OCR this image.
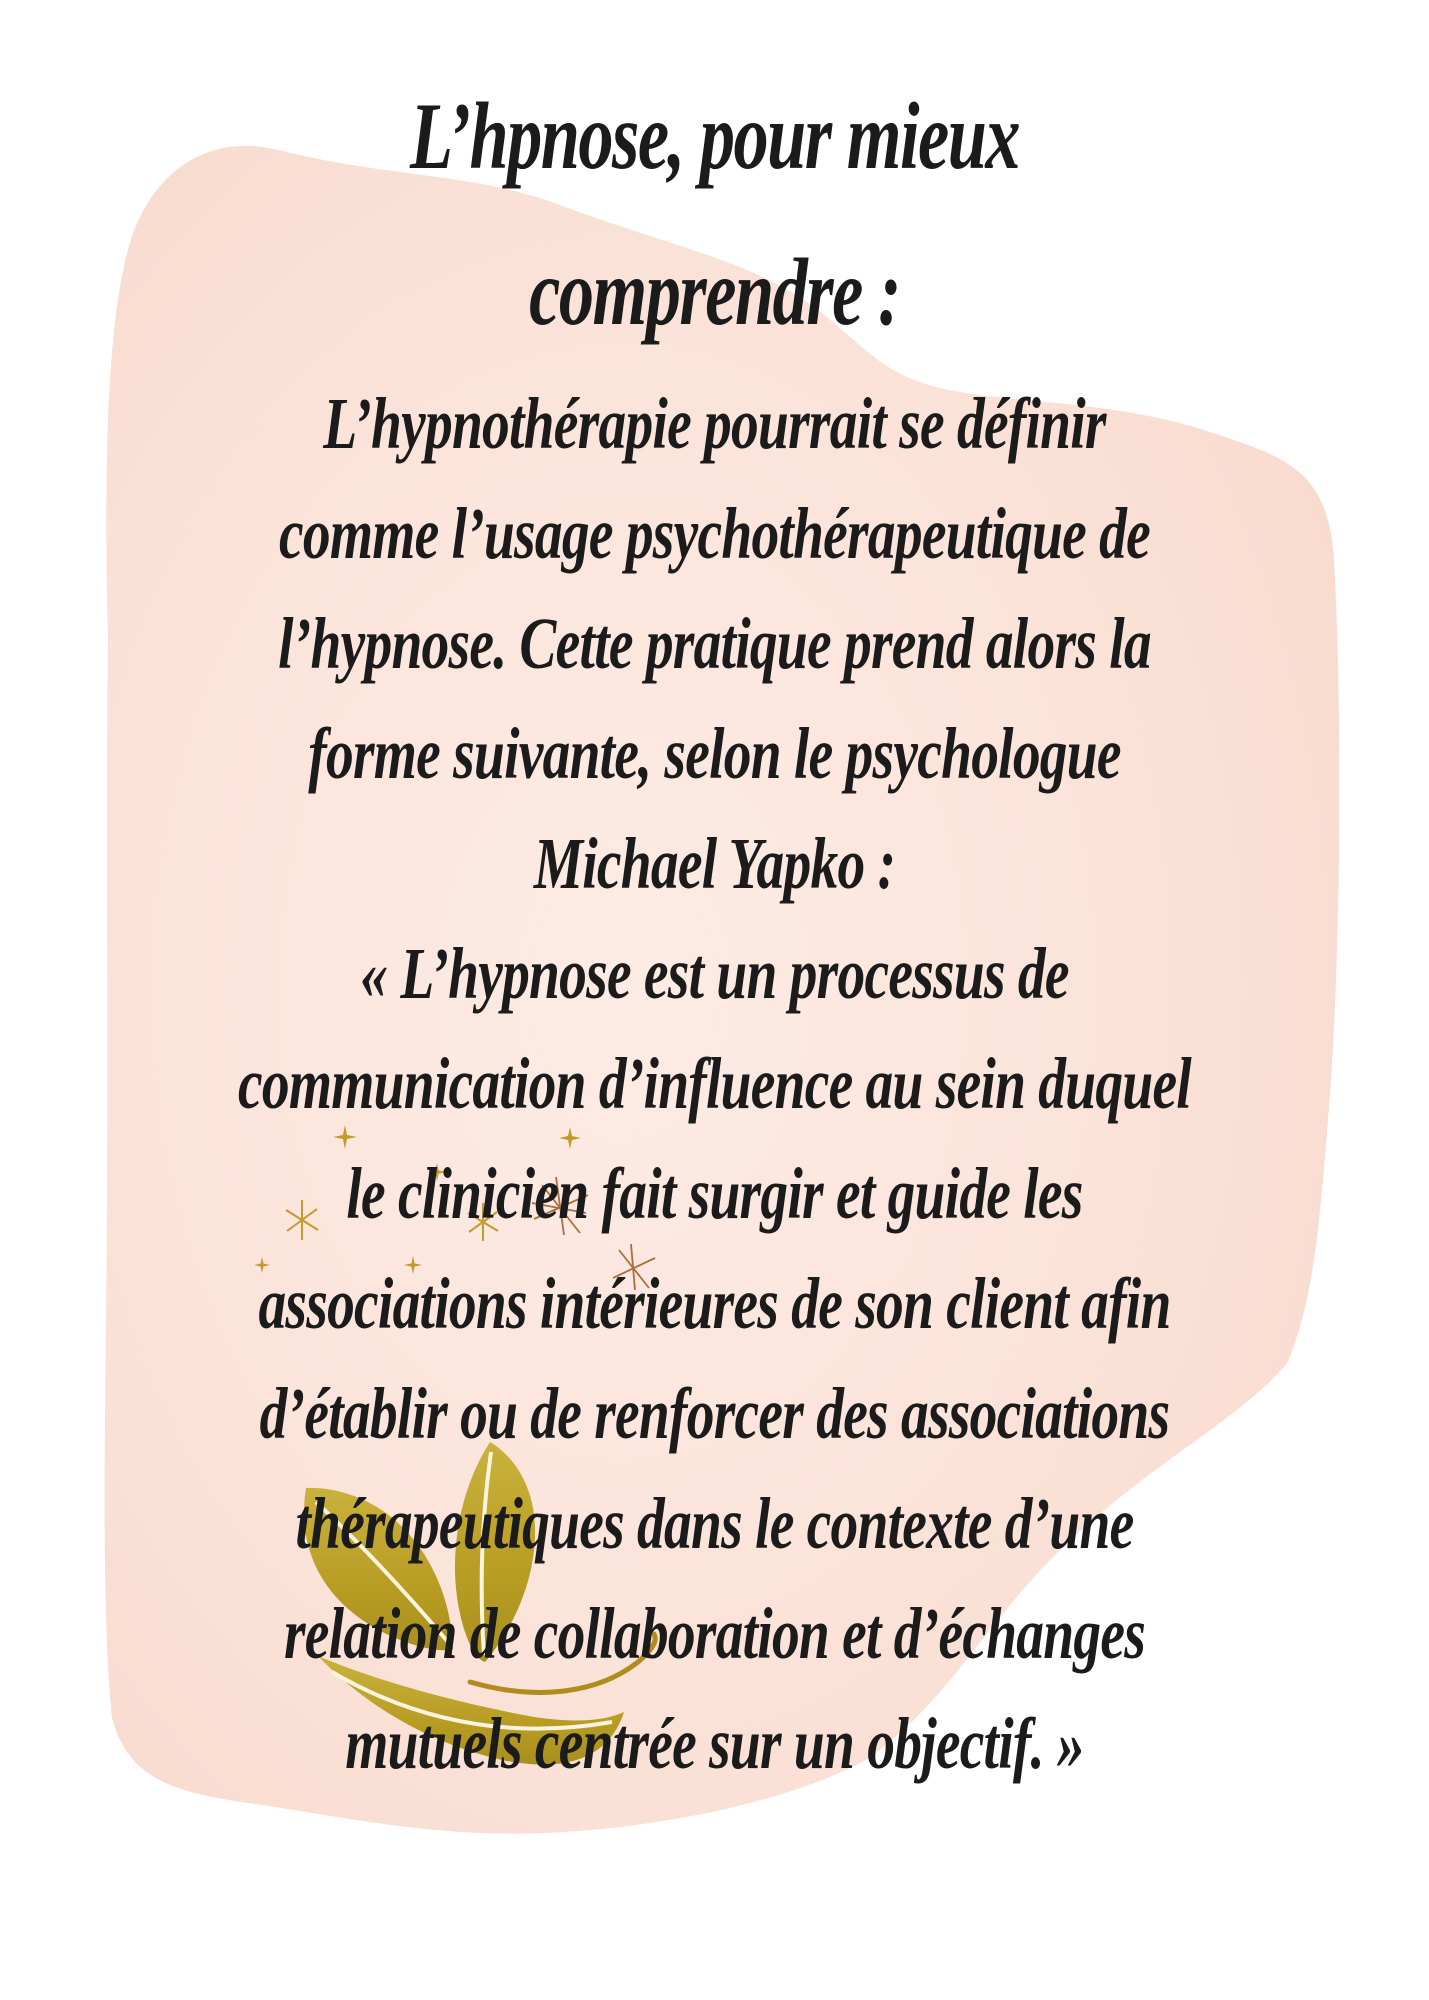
L’hpnose, pour mieux
comprendre :
L’hypnothérapie pourrait se définir
comme l’usage psychothérapeutique de
l’hypnose. Cette pratique prend alors la
forme suivante, selon le psychologue
Michael Yapko :
« L’hypnose est un processus de
communication d’influence au sein duquel
le clinicien fait surgir et guide les
associations intérieures de son client afin
d’établir ou de renforcer des associations
thérapeutiques dans le contexte d’une
relation de collaboration et d’échanges
mutuels centrée sur un objectif. »
